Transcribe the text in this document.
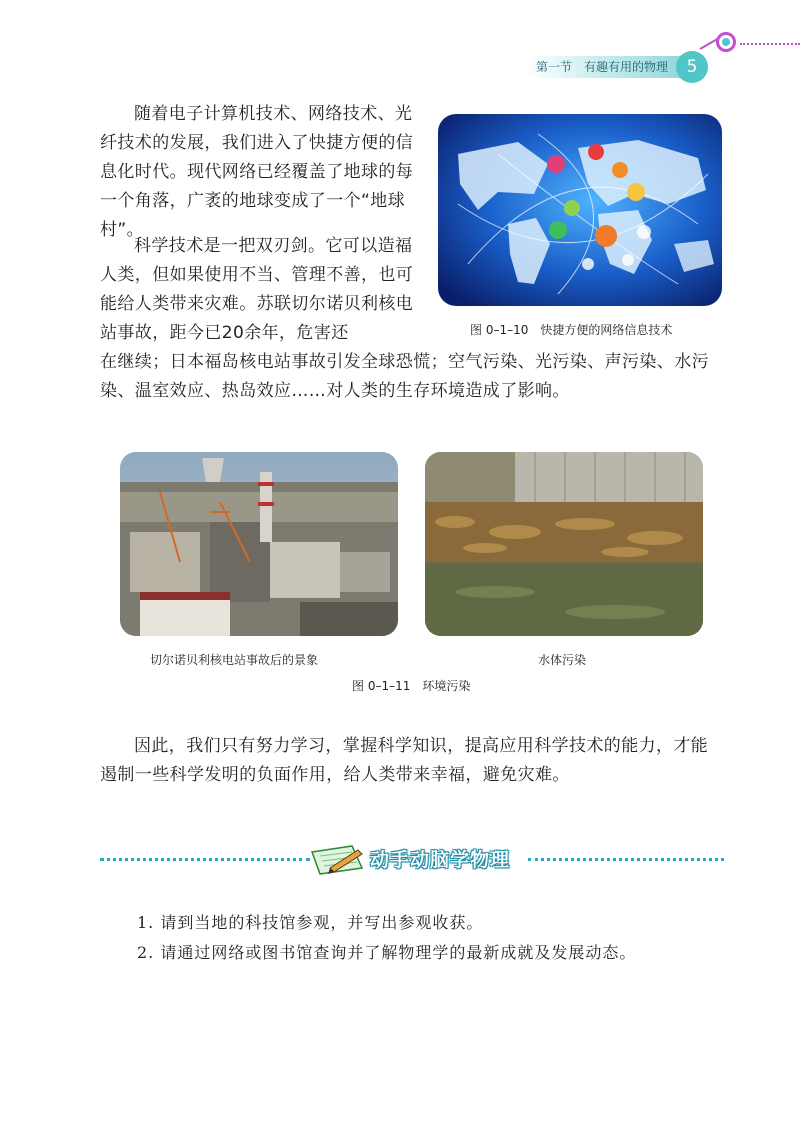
第一节　有趣有用的物理	5

随着电子计算机技术、网络技术、光纤技术的发展，我们进入了快捷方便的信息化时代。现代网络已经覆盖了地球的每一个角落，广袤的地球变成了一个“地球村”。

科学技术是一把双刃剑。它可以造福人类，但如果使用不当、管理不善，也可能给人类带来灾难。苏联切尔诺贝利核电站事故，距今已20余年，危害还

在继续；日本福岛核电站事故引发全球恐慌；空气污染、光污染、声污染、水污染、温室效应、热岛效应……对人类的生存环境造成了影响。

图 0–1–10　快捷方便的网络信息技术
切尔诺贝利核电站事故后的景象	水体污染
图 0–1–11　环境污染

因此，我们只有努力学习，掌握科学知识，提高应用科学技术的能力，才能遏制一些科学发明的负面作用，给人类带来幸福，避免灾难。

动手动脑学物理
1. 请到当地的科技馆参观，并写出参观收获。
2. 请通过网络或图书馆查询并了解物理学的最新成就及发展动态。
